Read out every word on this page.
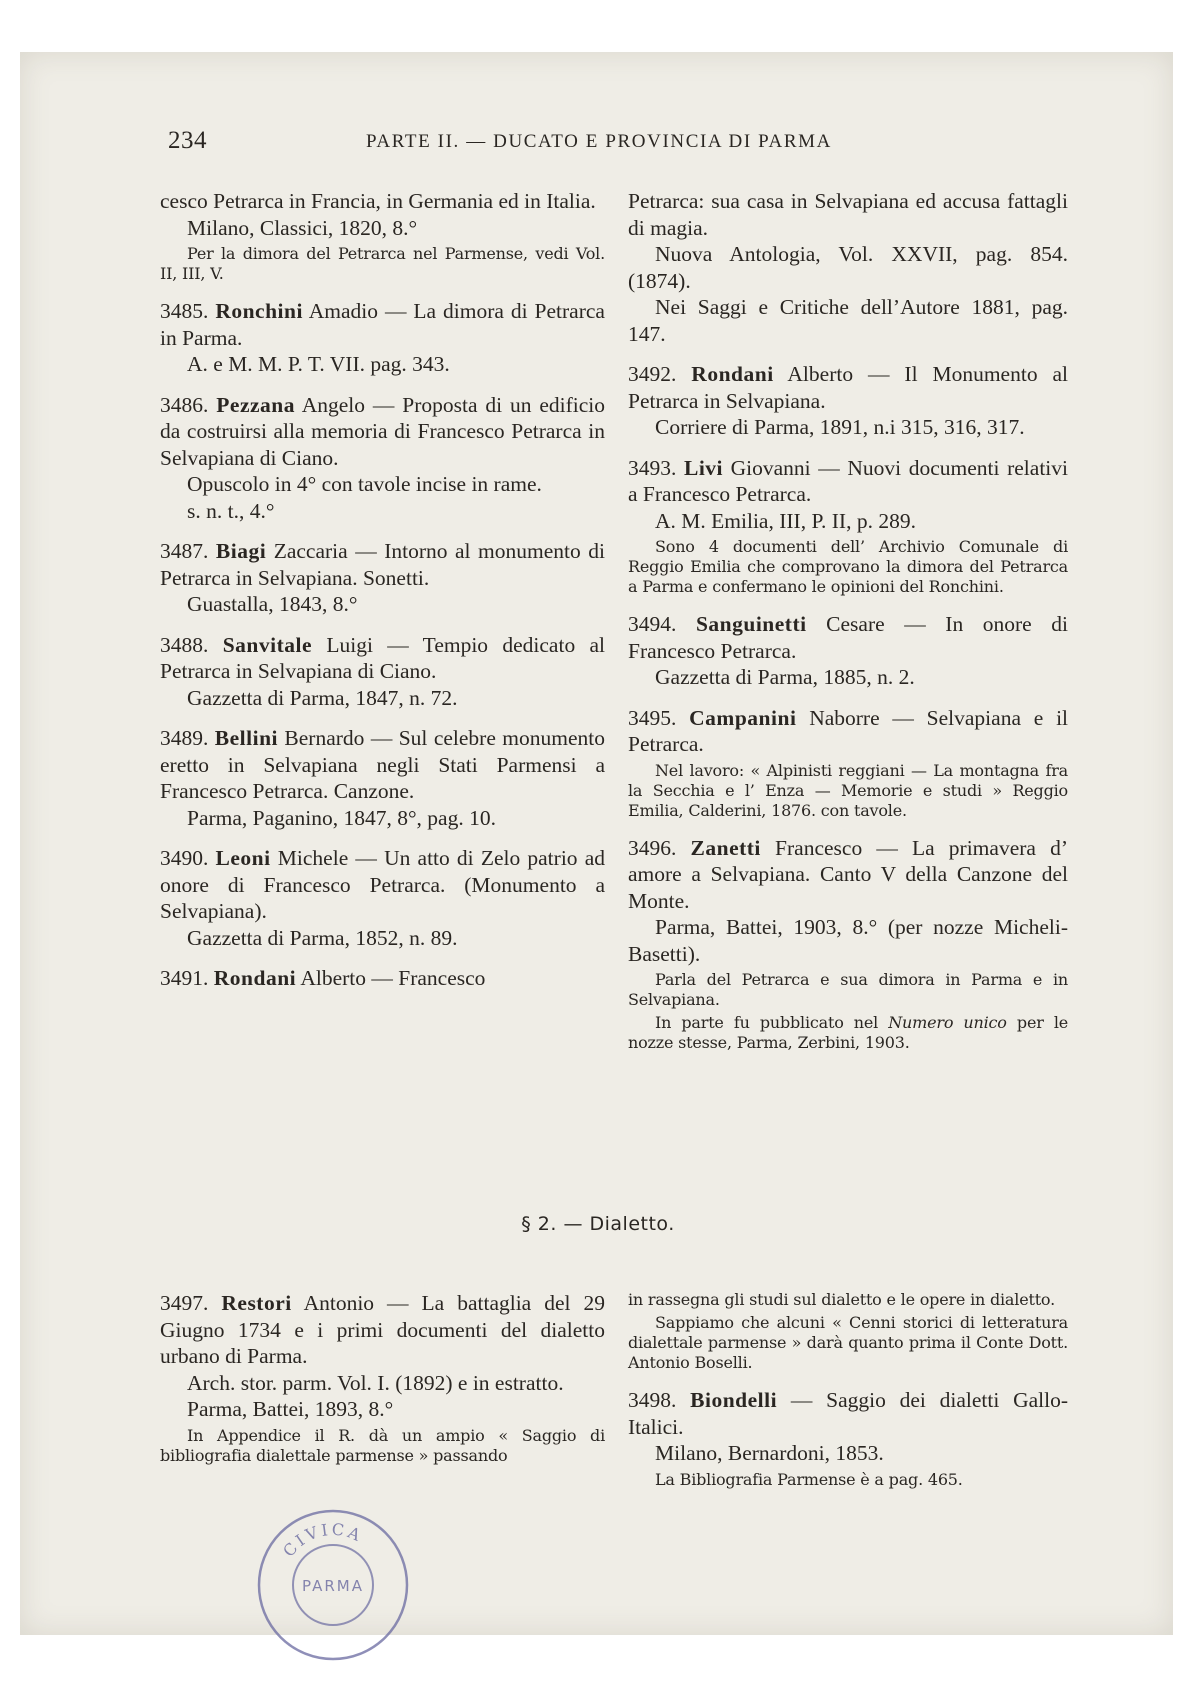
234	PARTE II. — DUCATO E PROVINCIA DI PARMA

cesco Petrarca in Francia, in Germania ed in Italia.

Milano, Classici, 1820, 8.°

Per la dimora del Petrarca nel Parmense, vedi Vol. II, III, V.

3485. Ronchini Amadio — La dimora di Petrarca in Parma.

A. e M. M. P. T. VII. pag. 343.

3486. Pezzana Angelo — Proposta di un edificio da costruirsi alla memoria di Francesco Petrarca in Selvapiana di Ciano.

Opuscolo in 4° con tavole incise in rame.

s. n. t., 4.°

3487. Biagi Zaccaria — Intorno al monumento di Petrarca in Selvapiana. Sonetti.

Guastalla, 1843, 8.°

3488. Sanvitale Luigi — Tempio dedicato al Petrarca in Selvapiana di Ciano.

Gazzetta di Parma, 1847, n. 72.

3489. Bellini Bernardo — Sul celebre monumento eretto in Selvapiana negli Stati Parmensi a Francesco Petrarca. Canzone.

Parma, Paganino, 1847, 8°, pag. 10.

3490. Leoni Michele — Un atto di Zelo patrio ad onore di Francesco Petrarca. (Monumento a Selvapiana).

Gazzetta di Parma, 1852, n. 89.

3491. Rondani Alberto — Francesco

Petrarca: sua casa in Selvapiana ed accusa fattagli di magia.

Nuova Antologia, Vol. XXVII, pag. 854. (1874).

Nei Saggi e Critiche dell’Autore 1881, pag. 147.

3492. Rondani Alberto — Il Monumento al Petrarca in Selvapiana.

Corriere di Parma, 1891, n.i 315, 316, 317.

3493. Livi Giovanni — Nuovi documenti relativi a Francesco Petrarca.

A. M. Emilia, III, P. II, p. 289.

Sono 4 documenti dell’ Archivio Comunale di Reggio Emilia che comprovano la dimora del Petrarca a Parma e confermano le opinioni del Ronchini.

3494. Sanguinetti Cesare — In onore di Francesco Petrarca.

Gazzetta di Parma, 1885, n. 2.

3495. Campanini Naborre — Selvapiana e il Petrarca.

Nel lavoro: « Alpinisti reggiani — La montagna fra la Secchia e l’ Enza — Memorie e studi » Reggio Emilia, Calderini, 1876. con tavole.

3496. Zanetti Francesco — La primavera d’ amore a Selvapiana. Canto V della Canzone del Monte.

Parma, Battei, 1903, 8.° (per nozze Micheli-Basetti).

Parla del Petrarca e sua dimora in Parma e in Selvapiana.

In parte fu pubblicato nel Numero unico per le nozze stesse, Parma, Zerbini, 1903.

§ 2. — Dialetto.

3497. Restori Antonio — La battaglia del 29 Giugno 1734 e i primi documenti del dialetto urbano di Parma.

Arch. stor. parm. Vol. I. (1892) e in estratto.

Parma, Battei, 1893, 8.°

In Appendice il R. dà un ampio « Saggio di bibliografia dialettale parmense » passando

in rassegna gli studi sul dialetto e le opere in dialetto.

Sappiamo che alcuni « Cenni storici di letteratura dialettale parmense » darà quanto prima il Conte Dott. Antonio Boselli.

3498. Biondelli — Saggio dei dialetti Gallo-Italici.

Milano, Bernardoni, 1853.

La Bibliografia Parmense è a pag. 465.

CIVICA
PARMA
